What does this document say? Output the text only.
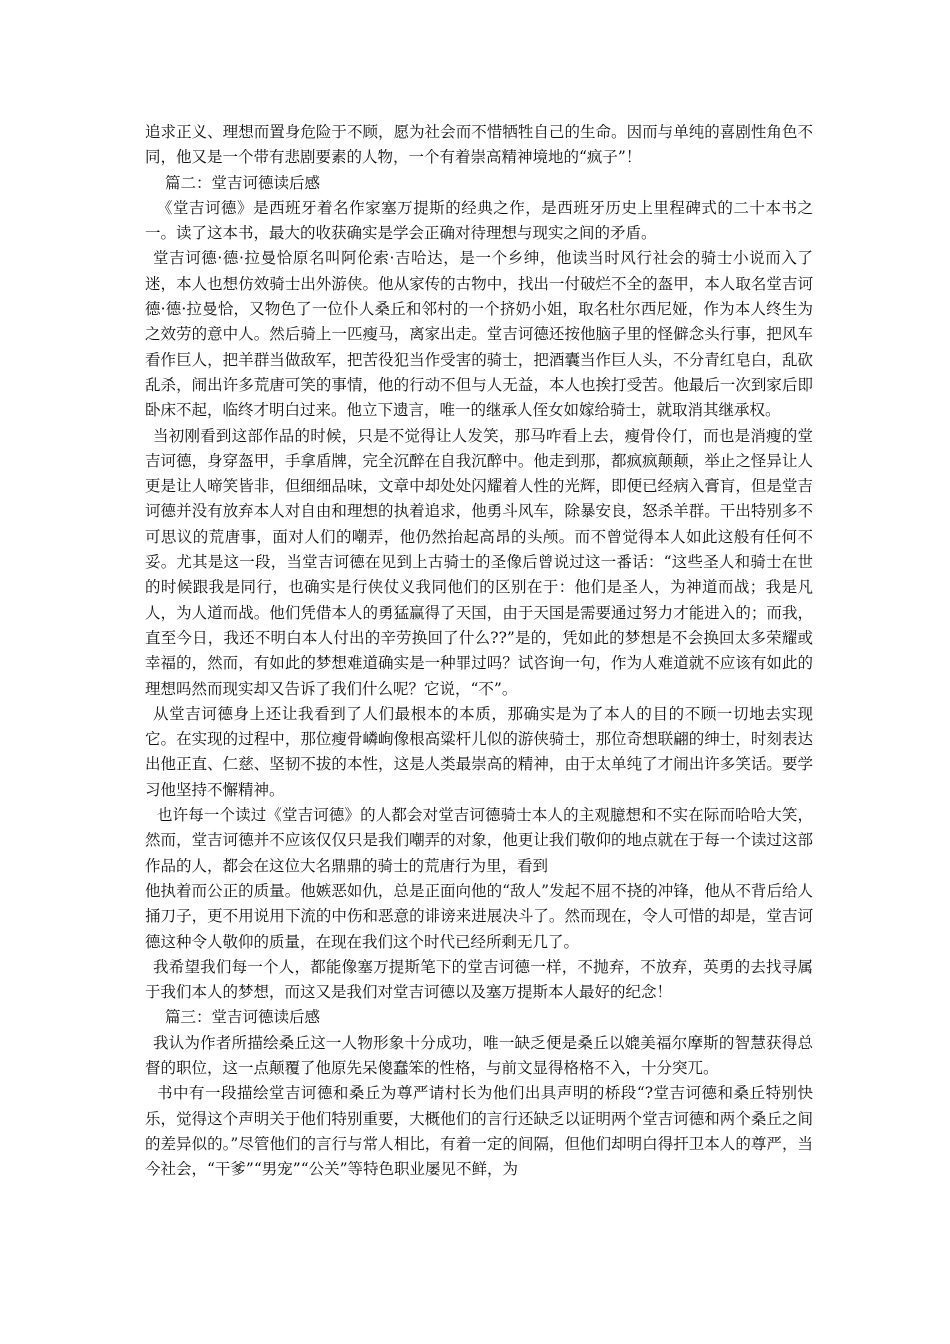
追求正义、理想而置身危险于不顾，愿为社会而不惜牺牲自己的生命。因而与单纯的喜剧性角色不同，他又是一个带有悲剧要素的人物，一个有着崇高精神境地的“疯子”！

篇二：堂吉诃德读后感

《堂吉诃德》是西班牙着名作家塞万提斯的经典之作，是西班牙历史上里程碑式的二十本书之一。读了这本书，最大的收获确实是学会正确对待理想与现实之间的矛盾。

堂吉诃德·德·拉曼恰原名叫阿伦索·吉哈达，是一个乡绅，他读当时风行社会的骑士小说而入了迷，本人也想仿效骑士出外游侠。他从家传的古物中，找出一付破烂不全的盔甲，本人取名堂吉诃德·德·拉曼恰，又物色了一位仆人桑丘和邻村的一个挤奶小姐，取名杜尔西尼娅，作为本人终生为之效劳的意中人。然后骑上一匹瘦马，离家出走。堂吉诃德还按他脑子里的怪僻念头行事，把风车看作巨人，把羊群当做敌军，把苦役犯当作受害的骑士，把酒囊当作巨人头，不分青红皂白，乱砍乱杀，闹出许多荒唐可笑的事情，他的行动不但与人无益，本人也挨打受苦。他最后一次到家后即卧床不起，临终才明白过来。他立下遗言，唯一的继承人侄女如嫁给骑士，就取消其继承权。

当初刚看到这部作品的时候，只是不觉得让人发笑，那马咋看上去，瘦骨伶仃，而也是消瘦的堂吉诃德，身穿盔甲，手拿盾牌，完全沉醉在自我沉醉中。他走到那，都疯疯颠颠，举止之怪异让人更是让人啼笑皆非，但细细品味，文章中却处处闪耀着人性的光辉，即便已经病入膏肓，但是堂吉诃德并没有放弃本人对自由和理想的执着追求，他勇斗风车，除暴安良，怒杀羊群。干出特别多不可思议的荒唐事，面对人们的嘲弄，他仍然抬起高昂的头颅。而不曾觉得本人如此这般有任何不妥。尤其是这一段，当堂吉诃德在见到上古骑士的圣像后曾说过这一番话：“这些圣人和骑士在世的时候跟我是同行，也确实是行侠仗义我同他们的区别在于：他们是圣人，为神道而战；我是凡人，为人道而战。他们凭借本人的勇猛赢得了天国，由于天国是需要通过努力才能进入的；而我，直至今日，我还不明白本人付出的辛劳换回了什么??”是的，凭如此的梦想是不会换回太多荣耀或幸福的，然而，有如此的梦想难道确实是一种罪过吗？试咨询一句，作为人难道就不应该有如此的理想吗然而现实却又告诉了我们什么呢？它说，“不”。

从堂吉诃德身上还让我看到了人们最根本的本质，那确实是为了本人的目的不顾一切地去实现它。在实现的过程中，那位瘦骨嶙峋像根高粱杆儿似的游侠骑士，那位奇想联翩的绅士，时刻表达出他正直、仁慈、坚韧不拔的本性，这是人类最崇高的精神，由于太单纯了才闹出许多笑话。要学习他坚持不懈精神。

也许每一个读过《堂吉诃德》的人都会对堂吉诃德骑士本人的主观臆想和不实在际而哈哈大笑，然而，堂吉诃德并不应该仅仅只是我们嘲弄的对象，他更让我们敬仰的地点就在于每一个读过这部作品的人，都会在这位大名鼎鼎的骑士的荒唐行为里，看到

他执着而公正的质量。他嫉恶如仇，总是正面向他的“敌人”发起不屈不挠的冲锋，他从不背后给人捅刀子，更不用说用下流的中伤和恶意的诽谤来进展决斗了。然而现在，令人可惜的却是，堂吉诃德这种令人敬仰的质量，在现在我们这个时代已经所剩无几了。

我希望我们每一个人，都能像塞万提斯笔下的堂吉诃德一样，不抛弃，不放弃，英勇的去找寻属于我们本人的梦想，而这又是我们对堂吉诃德以及塞万提斯本人最好的纪念！

篇三：堂吉诃德读后感

我认为作者所描绘桑丘这一人物形象十分成功，唯一缺乏便是桑丘以媲美福尔摩斯的智慧获得总督的职位，这一点颠覆了他原先呆傻蠢笨的性格，与前文显得格格不入，十分突兀。

书中有一段描绘堂吉诃德和桑丘为尊严请村长为他们出具声明的桥段“?堂吉诃德和桑丘特别快乐，觉得这个声明关于他们特别重要，大概他们的言行还缺乏以证明两个堂吉诃德和两个桑丘之间的差异似的。”尽管他们的言行与常人相比，有着一定的间隔，但他们却明白得扞卫本人的尊严，当今社会，“干爹”“男宠”“公关”等特色职业屡见不鲜，为
